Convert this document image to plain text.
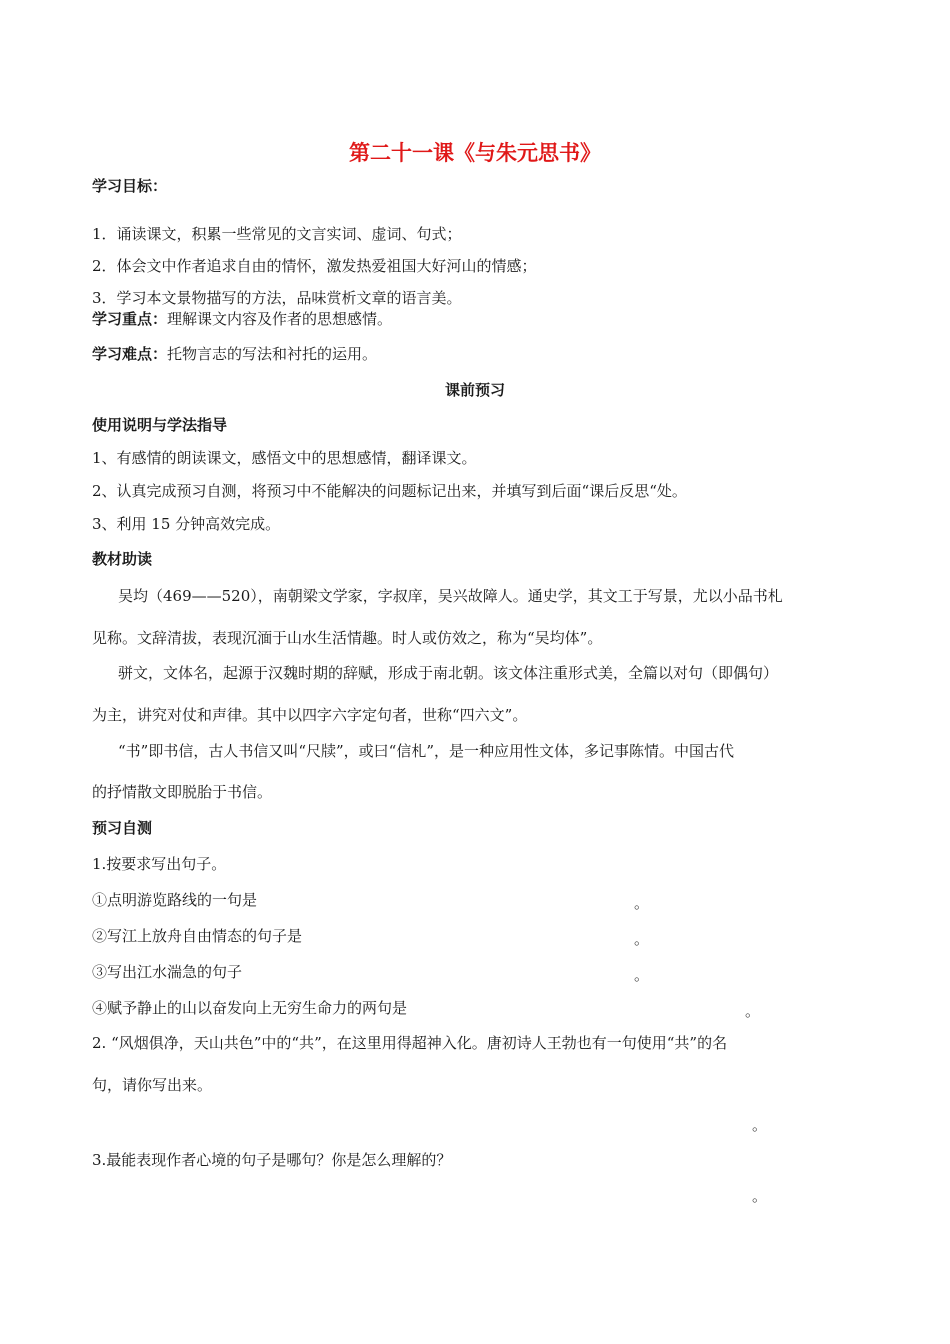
第二十一课《与朱元思书》
学习目标：
1．诵读课文，积累一些常见的文言实词、虚词、句式；
2．体会文中作者追求自由的情怀，激发热爱祖国大好河山的情感；
3．学习本文景物描写的方法，品味赏析文章的语言美。
学习重点：理解课文内容及作者的思想感情。
学习难点：托物言志的写法和衬托的运用。
课前预习
使用说明与学法指导
1、有感情的朗读课文，感悟文中的思想感情，翻译课文。
2、认真完成预习自测，将预习中不能解决的问题标记出来，并填写到后面“课后反思“处。
3、利用 15 分钟高效完成。
教材助读
吴均（469——520），南朝梁文学家，字叔庠，吴兴故障人。通史学，其文工于写景，尤以小品书札
见称。文辞清拔，表现沉湎于山水生活情趣。时人或仿效之，称为“吴均体”。
骈文，文体名，起源于汉魏时期的辞赋，形成于南北朝。该文体注重形式美，全篇以对句（即偶句）
为主，讲究对仗和声律。其中以四字六字定句者，世称“四六文”。
“书”即书信，古人书信又叫“尺牍”，或曰“信札”，是一种应用性文体，多记事陈情。中国古代
的抒情散文即脱胎于书信。
预习自测
1.按要求写出句子。
①点明游览路线的一句是	。
②写江上放舟自由情态的句子是	。
③写出江水湍急的句子	。
④赋予静止的山以奋发向上无穷生命力的两句是	。
2. “风烟俱净，天山共色”中的“共”，在这里用得超神入化。唐初诗人王勃也有一句使用“共”的名
句，请你写出来。
。
3.最能表现作者心境的句子是哪句？你是怎么理解的？
。
